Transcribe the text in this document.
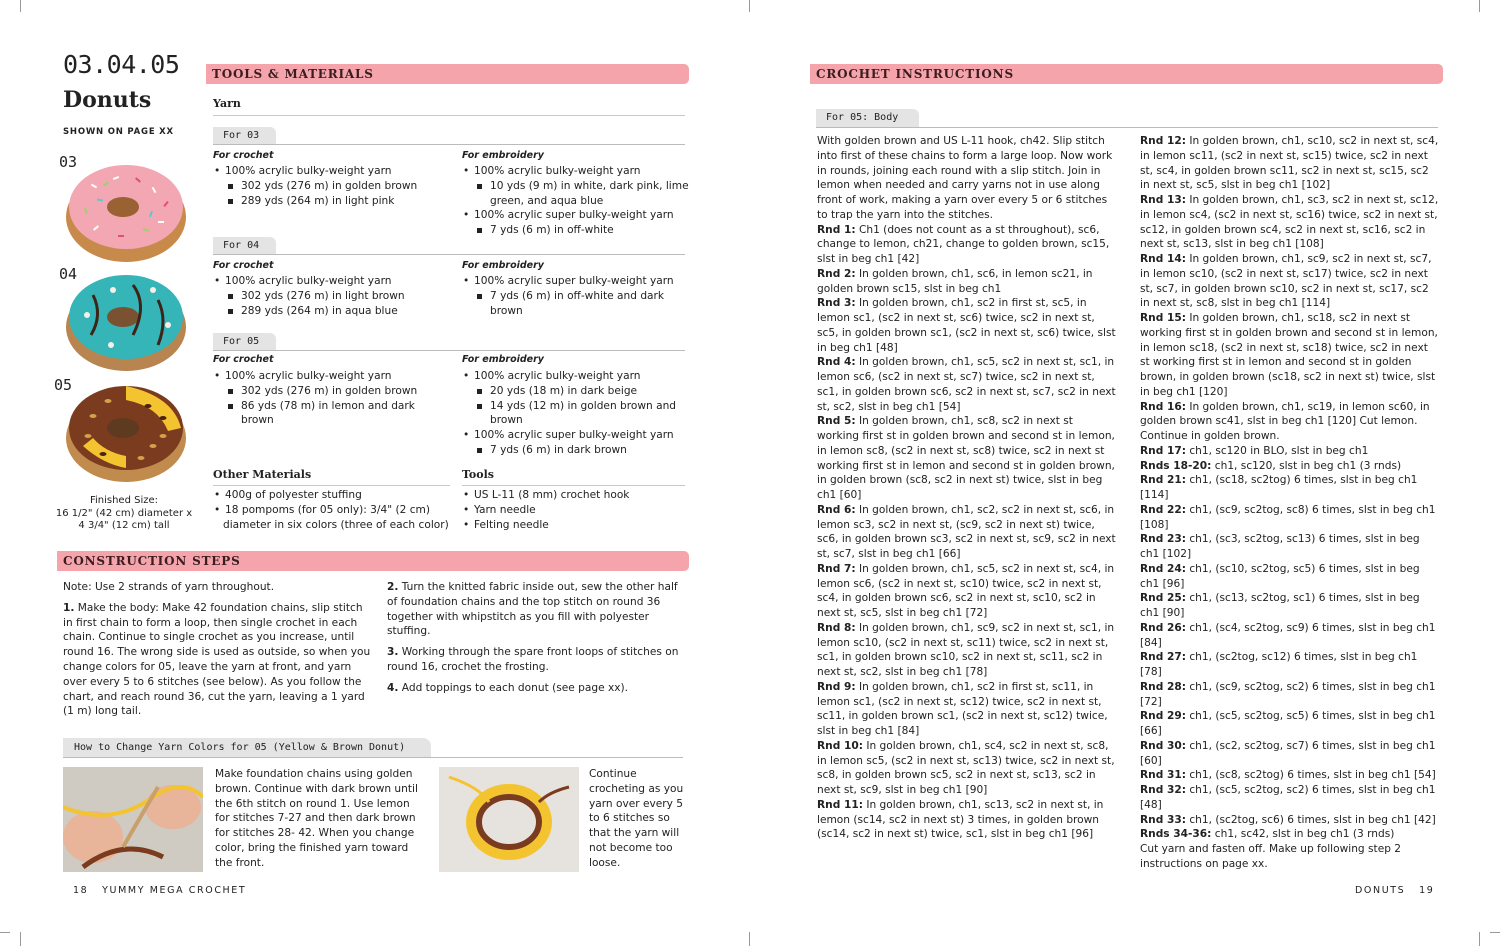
03.04.05
Donuts
SHOWN ON PAGE XX
03
04
05
Finished Size:
16 1/2" (42 cm) diameter x
4 3/4" (12 cm) tall
TOOLS & MATERIALS
Yarn
For 03
For crochet
• 100% acrylic bulky-weight yarn
302 yds (276 m) in golden brown
289 yds (264 m) in light pink
For embroidery
• 100% acrylic bulky-weight yarn
10 yds (9 m) in white, dark pink, lime
green, and aqua blue
• 100% acrylic super bulky-weight yarn
7 yds (6 m) in off-white
For 04
For crochet
• 100% acrylic bulky-weight yarn
302 yds (276 m) in light brown
289 yds (264 m) in aqua blue
For embroidery
• 100% acrylic super bulky-weight yarn
7 yds (6 m) in off-white and dark
brown
For 05
For crochet
• 100% acrylic bulky-weight yarn
302 yds (276 m) in golden brown
86 yds (78 m) in lemon and dark
brown
For embroidery
• 100% acrylic bulky-weight yarn
20 yds (18 m) in dark beige
14 yds (12 m) in golden brown and
brown
• 100% acrylic super bulky-weight yarn
7 yds (6 m) in dark brown
Other Materials
• 400g of polyester stuffing
• 18 pompoms (for 05 only): 3/4" (2 cm)
diameter in six colors (three of each color)
Tools
• US L-11 (8 mm) crochet hook
• Yarn needle
• Felting needle
CONSTRUCTION STEPS

Note: Use 2 strands of yarn throughout.

1. Make the body: Make 42 foundation chains, slip stitch in first chain to form a loop, then single crochet in each chain. Continue to single crochet as you increase, until round 16. The wrong side is used as outside, so when you change colors for 05, leave the yarn at front, and yarn over every 5 to 6 stitches (see below). As you follow the chart, and reach round 36, cut the yarn, leaving a 1 yard (1 m) long tail.

2. Turn the knitted fabric inside out, sew the other half of foundation chains and the top stitch on round 36 together with whipstitch as you fill with polyester stuffing.

3. Working through the spare front loops of stitches on round 16, crochet the frosting.

4. Add toppings to each donut (see page xx).

How to Change Yarn Colors for 05 (Yellow & Brown Donut)
Make foundation chains using golden brown. Continue with dark brown until the 6th stitch on round 1. Use lemon for stitches 7-27 and then dark brown for stitches 28- 42. When you change color, bring the finished yarn toward the front.
Continue crocheting as you yarn over every 5 to 6 stitches so that the yarn will not become too loose.
18 YUMMY MEGA CROCHET
CROCHET INSTRUCTIONS
For 05: Body
With golden brown and US L-11 hook, ch42. Slip stitch into first of these chains to form a large loop. Now work in rounds, joining each round with a slip stitch. Join in lemon when needed and carry yarns not in use along front of work, making a yarn over every 5 or 6 stitches to trap the yarn into the stitches.
Rnd 1: Ch1 (does not count as a st throughout), sc6, change to lemon, ch21, change to golden brown, sc15, slst in beg ch1 [42]
Rnd 2: In golden brown, ch1, sc6, in lemon sc21, in golden brown sc15, slst in beg ch1
Rnd 3: In golden brown, ch1, sc2 in first st, sc5, in lemon sc1, (sc2 in next st, sc6) twice, sc2 in next st, sc5, in golden brown sc1, (sc2 in next st, sc6) twice, slst in beg ch1 [48]
Rnd 4: In golden brown, ch1, sc5, sc2 in next st, sc1, in lemon sc6, (sc2 in next st, sc7) twice, sc2 in next st, sc1, in golden brown sc6, sc2 in next st, sc7, sc2 in next st, sc2, slst in beg ch1 [54]
Rnd 5: In golden brown, ch1, sc8, sc2 in next st working first st in golden brown and second st in lemon, in lemon sc8, (sc2 in next st, sc8) twice, sc2 in next st working first st in lemon and second st in golden brown, in golden brown (sc8, sc2 in next st) twice, slst in beg ch1 [60]
Rnd 6: In golden brown, ch1, sc2, sc2 in next st, sc6, in lemon sc3, sc2 in next st, (sc9, sc2 in next st) twice, sc6, in golden brown sc3, sc2 in next st, sc9, sc2 in next st, sc7, slst in beg ch1 [66]
Rnd 7: In golden brown, ch1, sc5, sc2 in next st, sc4, in lemon sc6, (sc2 in next st, sc10) twice, sc2 in next st, sc4, in golden brown sc6, sc2 in next st, sc10, sc2 in next st, sc5, slst in beg ch1 [72]
Rnd 8: In golden brown, ch1, sc9, sc2 in next st, sc1, in lemon sc10, (sc2 in next st, sc11) twice, sc2 in next st, sc1, in golden brown sc10, sc2 in next st, sc11, sc2 in next st, sc2, slst in beg ch1 [78]
Rnd 9: In golden brown, ch1, sc2 in first st, sc11, in lemon sc1, (sc2 in next st, sc12) twice, sc2 in next st, sc11, in golden brown sc1, (sc2 in next st, sc12) twice, slst in beg ch1 [84]
Rnd 10: In golden brown, ch1, sc4, sc2 in next st, sc8, in lemon sc5, (sc2 in next st, sc13) twice, sc2 in next st, sc8, in golden brown sc5, sc2 in next st, sc13, sc2 in next st, sc9, slst in beg ch1 [90]
Rnd 11: In golden brown, ch1, sc13, sc2 in next st, in lemon (sc14, sc2 in next st) 3 times, in golden brown (sc14, sc2 in next st) twice, sc1, slst in beg ch1 [96]
Rnd 12: In golden brown, ch1, sc10, sc2 in next st, sc4, in lemon sc11, (sc2 in next st, sc15) twice, sc2 in next st, sc4, in golden brown sc11, sc2 in next st, sc15, sc2 in next st, sc5, slst in beg ch1 [102]
Rnd 13: In golden brown, ch1, sc3, sc2 in next st, sc12, in lemon sc4, (sc2 in next st, sc16) twice, sc2 in next st, sc12, in golden brown sc4, sc2 in next st, sc16, sc2 in next st, sc13, slst in beg ch1 [108]
Rnd 14: In golden brown, ch1, sc9, sc2 in next st, sc7, in lemon sc10, (sc2 in next st, sc17) twice, sc2 in next st, sc7, in golden brown sc10, sc2 in next st, sc17, sc2 in next st, sc8, slst in beg ch1 [114]
Rnd 15: In golden brown, ch1, sc18, sc2 in next st working first st in golden brown and second st in lemon, in lemon sc18, (sc2 in next st, sc18) twice, sc2 in next st working first st in lemon and second st in golden brown, in golden brown (sc18, sc2 in next st) twice, slst in beg ch1 [120]
Rnd 16: In golden brown, ch1, sc19, in lemon sc60, in golden brown sc41, slst in beg ch1 [120] Cut lemon. Continue in golden brown.
Rnd 17: ch1, sc120 in BLO, slst in beg ch1
Rnds 18-20: ch1, sc120, slst in beg ch1 (3 rnds)
Rnd 21: ch1, (sc18, sc2tog) 6 times, slst in beg ch1 [114]
Rnd 22: ch1, (sc9, sc2tog, sc8) 6 times, slst in beg ch1 [108]
Rnd 23: ch1, (sc3, sc2tog, sc13) 6 times, slst in beg ch1 [102]
Rnd 24: ch1, (sc10, sc2tog, sc5) 6 times, slst in beg ch1 [96]
Rnd 25: ch1, (sc13, sc2tog, sc1) 6 times, slst in beg ch1 [90]
Rnd 26: ch1, (sc4, sc2tog, sc9) 6 times, slst in beg ch1 [84]
Rnd 27: ch1, (sc2tog, sc12) 6 times, slst in beg ch1 [78]
Rnd 28: ch1, (sc9, sc2tog, sc2) 6 times, slst in beg ch1 [72]
Rnd 29: ch1, (sc5, sc2tog, sc5) 6 times, slst in beg ch1 [66]
Rnd 30: ch1, (sc2, sc2tog, sc7) 6 times, slst in beg ch1 [60]
Rnd 31: ch1, (sc8, sc2tog) 6 times, slst in beg ch1 [54]
Rnd 32: ch1, (sc5, sc2tog, sc2) 6 times, slst in beg ch1 [48]
Rnd 33: ch1, (sc2tog, sc6) 6 times, slst in beg ch1 [42]
Rnds 34-36: ch1, sc42, slst in beg ch1 (3 rnds)
Cut yarn and fasten off. Make up following step 2 instructions on page xx.
DONUTS 19
